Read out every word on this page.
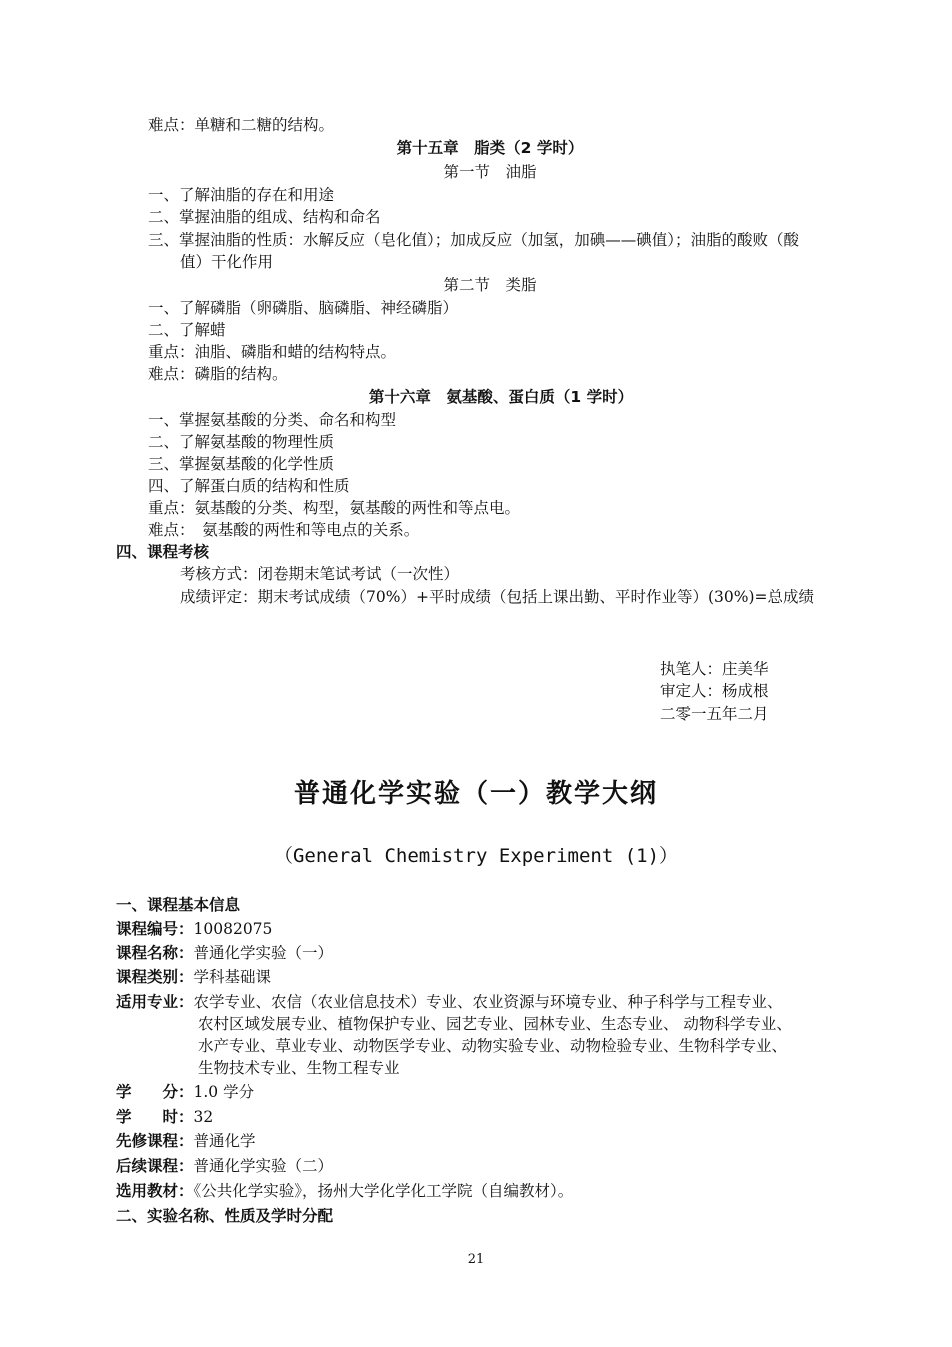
难点：单糖和二糖的结构。
第十五章　脂类（2 学时）
第一节　油脂
一、了解油脂的存在和用途
二、掌握油脂的组成、结构和命名
三、掌握油脂的性质：水解反应（皂化值）；加成反应（加氢，加碘——碘值）；油脂的酸败（酸
值）干化作用
第二节　类脂
一、了解磷脂（卵磷脂、脑磷脂、神经磷脂）
二、了解蜡
重点：油脂、磷脂和蜡的结构特点。
难点：磷脂的结构。
第十六章　氨基酸、蛋白质（1 学时）
一、掌握氨基酸的分类、命名和构型
二、了解氨基酸的物理性质
三、掌握氨基酸的化学性质
四、了解蛋白质的结构和性质
重点：氨基酸的分类、构型，氨基酸的两性和等点电。
难点：　氨基酸的两性和等电点的关系。
四、课程考核
考核方式：闭卷期末笔试考试（一次性）
成绩评定：期末考试成绩（70%）+平时成绩（包括上课出勤、平时作业等）(30%)=总成绩
执笔人：庄美华
审定人：杨成根
二零一五年二月
普通化学实验（一）教学大纲
（General Chemistry Experiment (1)）
一、课程基本信息
课程编号：10082075
课程名称：普通化学实验（一）
课程类别：学科基础课
适用专业：农学专业、农信（农业信息技术）专业、农业资源与环境专业、种子科学与工程专业、
农村区域发展专业、植物保护专业、园艺专业、园林专业、生态专业、 动物科学专业、
水产专业、草业专业、动物医学专业、动物实验专业、动物检验专业、生物科学专业、
生物技术专业、生物工程专业
学　　分：1.0 学分
学　　时：32
先修课程：普通化学
后续课程：普通化学实验（二）
选用教材：《公共化学实验》，扬州大学化学化工学院（自编教材）。
二、实验名称、性质及学时分配
21
